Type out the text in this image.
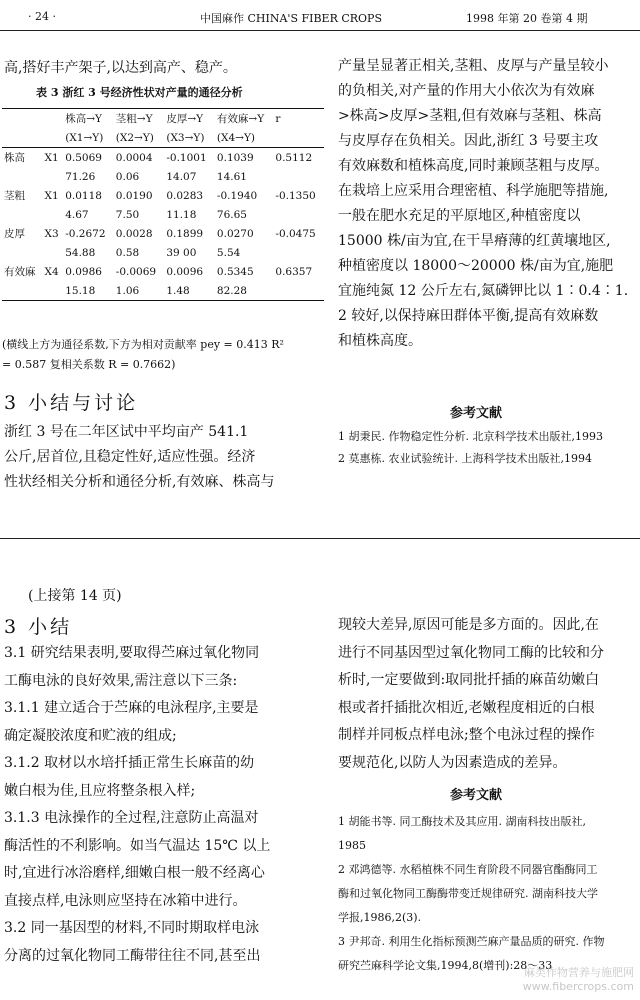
· 24 ·	中国麻作 CHINA'S FIBER CROPS	1998 年第 20 卷第 4 期
高,搭好丰产架子,以达到高产、稳产。
表 3 浙红 3 号经济性状对产量的通径分析
		株高→Y	茎粗→Y	皮厚→Y	有效麻→Y	r
		(X1→Y)	(X2→Y)	(X3→Y)	(X4→Y)	
株高	X1	0.5069	0.0004	-0.1001	0.1039	0.5112
		71.26	0.06	14.07	14.61	
茎粗	X1	0.0118	0.0190	0.0283	-0.1940	-0.1350
		4.67	7.50	11.18	76.65	
皮厚	X3	-0.2672	0.0028	0.1899	0.0270	-0.0475
		54.88	0.58	39 00	5.54	
有效麻	X4	0.0986	-0.0069	0.0096	0.5345	0.6357
		15.18	1.06	1.48	82.28	
(横线上方为通径系数,下方为相对贡献率 pey = 0.413 R²
= 0.587 复相关系数 R = 0.7662)
3 小结与讨论
浙红 3 号在二年区试中平均亩产 541.1
公斤,居首位,且稳定性好,适应性强。经济
性状经相关分析和通径分析,有效麻、株高与
产量呈显著正相关,茎粗、皮厚与产量呈较小
的负相关,对产量的作用大小依次为有效麻
>株高>皮厚>茎粗,但有效麻与茎粗、株高
与皮厚存在负相关。因此,浙红 3 号要主攻
有效麻数和植株高度,同时兼顾茎粗与皮厚。
在栽培上应采用合理密植、科学施肥等措施,
一般在肥水充足的平原地区,种植密度以
15000 株/亩为宜,在干旱瘠薄的红黄壤地区,
种植密度以 18000～20000 株/亩为宜,施肥
宜施纯氮 12 公斤左右,氮磷钾比以 1∶0.4∶1.
2 较好,以保持麻田群体平衡,提高有效麻数
和植株高度。
参考文献
1 胡秉民. 作物稳定性分析. 北京科学技术出版社,1993
2 莫惠栋. 农业试验统计. 上海科学技术出版社,1994
(上接第 14 页)
3 小结
3.1 研究结果表明,要取得苎麻过氧化物同
工酶电泳的良好效果,需注意以下三条:
3.1.1 建立适合于苎麻的电泳程序,主要是
确定凝胶浓度和贮液的组成;
3.1.2 取材以水培扦插正常生长麻苗的幼
嫩白根为佳,且应将整条根入样;
3.1.3 电泳操作的全过程,注意防止高温对
酶活性的不利影响。如当气温达 15℃ 以上
时,宜进行冰浴磨样,细嫩白根一般不经离心
直接点样,电泳则应坚持在冰箱中进行。
3.2 同一基因型的材料,不同时期取样电泳
分离的过氧化物同工酶带往往不同,甚至出
现较大差异,原因可能是多方面的。因此,在
进行不同基因型过氧化物同工酶的比较和分
析时,一定要做到:取同批扦插的麻苗幼嫩白
根或者扦插批次相近,老嫩程度相近的白根
制样并同板点样电泳;整个电泳过程的操作
要规范化,以防人为因素造成的差异。
参考文献
1 胡能书等. 同工酶技术及其应用. 湖南科技出版社,
1985
2 邓鸿德等. 水稻植株不同生育阶段不同器官酯酶同工
酶和过氧化物同工酶酶带变迁规律研究. 湖南科技大学
学报,1986,2(3).
3 尹邦奇. 利用生化指标预测苎麻产量品质的研究. 作物
研究苎麻科学论文集,1994,8(增刊):28～33
麻类作物营养与施肥网
www.fibercrops.com
